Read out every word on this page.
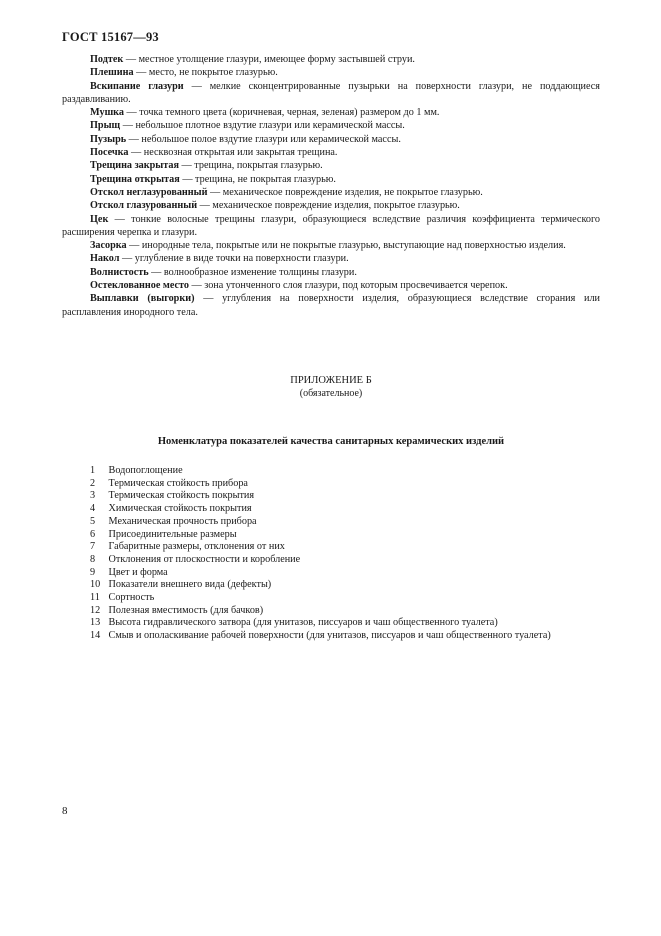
ГОСТ 15167—93

Подтек — местное утолщение глазури, имеющее форму застывшей струи.

Плешина — место, не покрытое глазурью.

Вскипание глазури — мелкие сконцентрированные пузырьки на поверхности глазури, не поддающиеся раздавливанию.

Мушка — точка темного цвета (коричневая, черная, зеленая) размером до 1 мм.

Прыщ — небольшое плотное вздутие глазури или керамической массы.

Пузырь — небольшое полое вздутие глазури или керамической массы.

Посечка — несквозная открытая или закрытая трещина.

Трещина закрытая — трещина, покрытая глазурью.

Трещина открытая — трещина, не покрытая глазурью.

Отскол неглазурованный — механическое повреждение изделия, не покрытое глазурью.

Отскол глазурованный — механическое повреждение изделия, покрытое глазурью.

Цек — тонкие волосные трещины глазури, образующиеся вследствие различия коэффициента термического расширения черепка и глазури.

Засорка — инородные тела, покрытые или не покрытые глазурью, выступающие над поверхностью изделия.

Накол — углубление в виде точки на поверхности глазури.

Волнистость — волнообразное изменение толщины глазури.

Остеклованное место — зона утонченного слоя глазури, под которым просвечивается черепок.

Выплавки (выгорки) — углубления на поверхности изделия, образующиеся вследствие сгорания или расплавления инородного тела.

ПРИЛОЖЕНИЕ Б
(обязательное)
Номенклатура показателей качества санитарных керамических изделий
1 Водопоглощение
2 Термическая стойкость прибора
3 Термическая стойкость покрытия
4 Химическая стойкость покрытия
5 Механическая прочность прибора
6 Присоединительные размеры
7 Габаритные размеры, отклонения от них
8 Отклонения от плоскостности и коробление
9 Цвет и форма
10 Показатели внешнего вида (дефекты)
11 Сортность
12 Полезная вместимость (для бачков)
13 Высота гидравлического затвора (для унитазов, писсуаров и чаш общественного туалета)
14 Смыв и ополаскивание рабочей поверхности (для унитазов, писсуаров и чаш общественного туалета)
8
